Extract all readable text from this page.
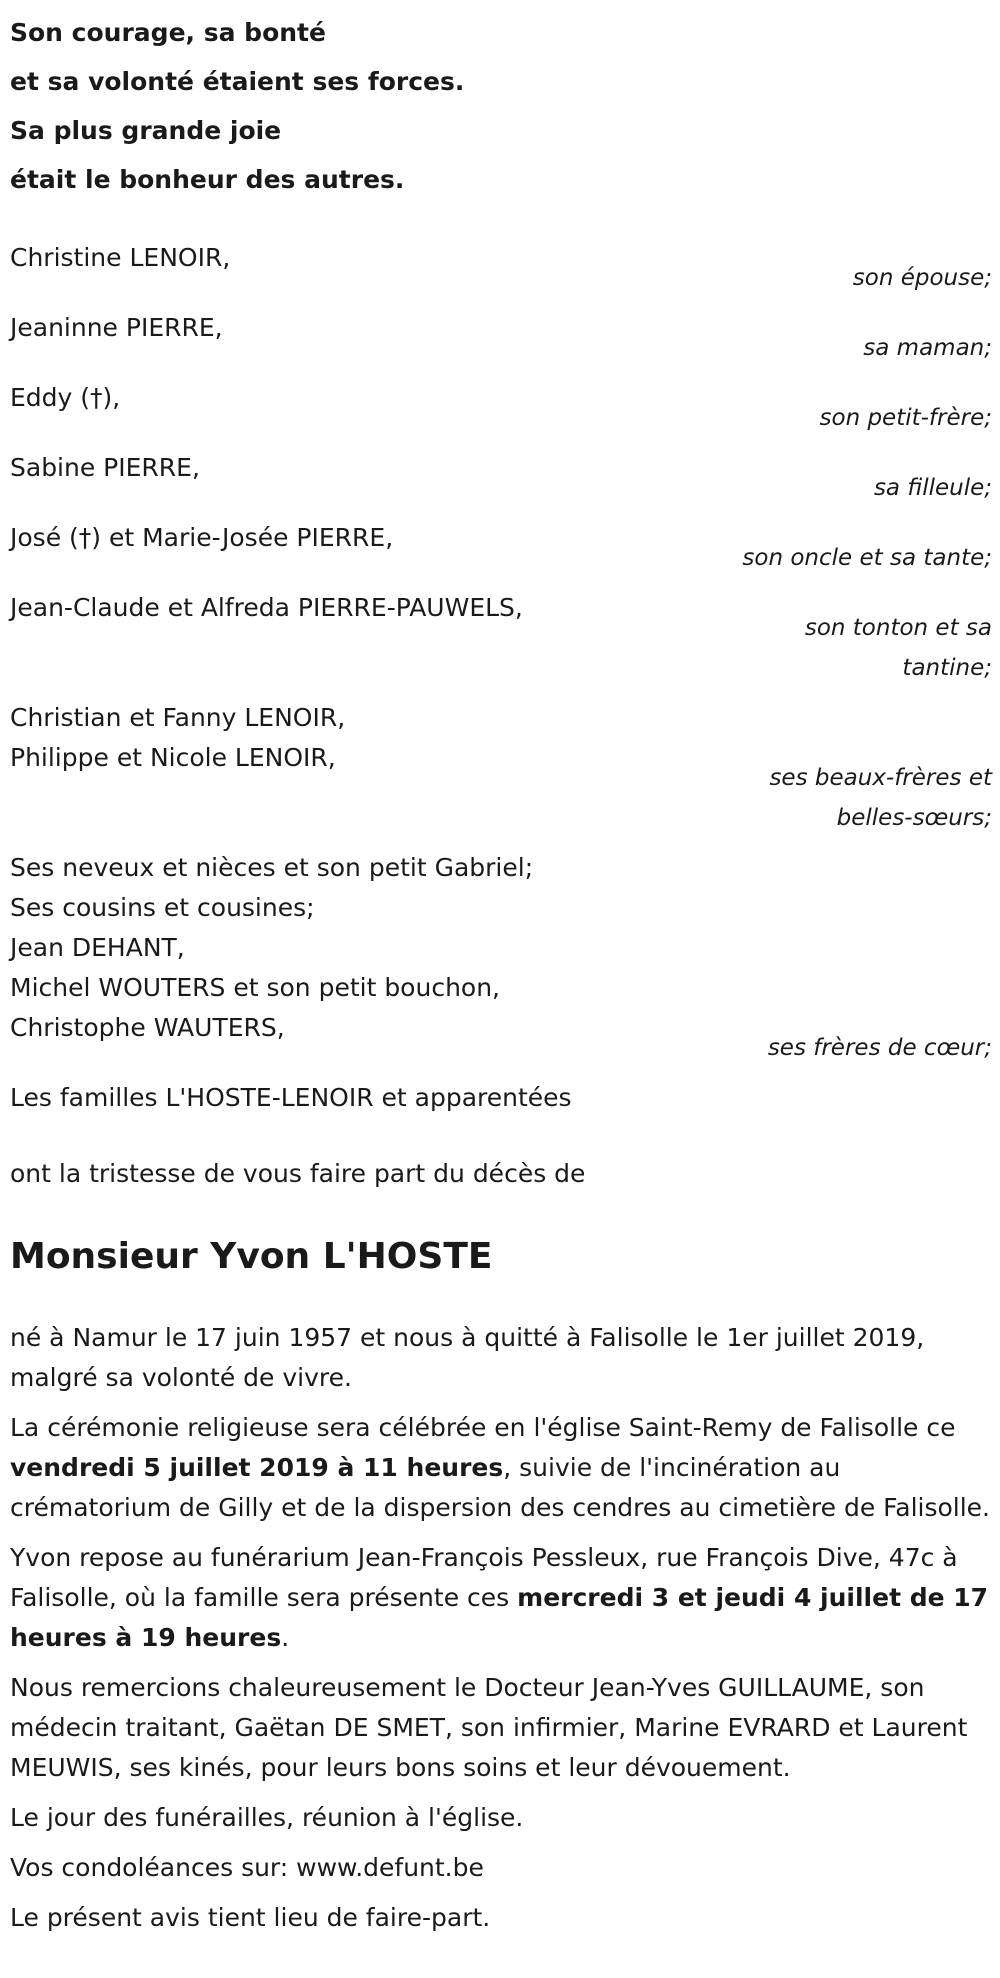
Son courage, sa bonté
et sa volonté étaient ses forces.
Sa plus grande joie
était le bonheur des autres.
Christine LENOIR,
son épouse;
Jeaninne PIERRE,
sa maman;
Eddy (†),
son petit-frère;
Sabine PIERRE,
sa filleule;
José (†) et Marie-Josée PIERRE,
son oncle et sa tante;
Jean-Claude et Alfreda PIERRE-PAUWELS,
son tonton et sa tantine;
Christian et Fanny LENOIR,
Philippe et Nicole LENOIR,
ses beaux-frères et belles-sœurs;
Ses neveux et nièces et son petit Gabriel;
Ses cousins et cousines;
Jean DEHANT,
Michel WOUTERS et son petit bouchon,
Christophe WAUTERS,
ses frères de cœur;
Les familles L'HOSTE-LENOIR et apparentées
ont la tristesse de vous faire part du décès de
Monsieur Yvon L'HOSTE

né à Namur le 17 juin 1957 et nous à quitté à Falisolle le 1er juillet 2019, malgré sa volonté de vivre.

La cérémonie religieuse sera célébrée en l'église Saint-Remy de Falisolle ce vendredi 5 juillet 2019 à 11 heures, suivie de l'incinération au crématorium de Gilly et de la dispersion des cendres au cimetière de Falisolle.

Yvon repose au funérarium Jean-François Pessleux, rue François Dive, 47c à Falisolle, où la famille sera présente ces mercredi 3 et jeudi 4 juillet de 17 heures à 19 heures.

Nous remercions chaleureusement le Docteur Jean-Yves GUILLAUME, son médecin traitant, Gaëtan DE SMET, son infirmier, Marine EVRARD et Laurent MEUWIS, ses kinés, pour leurs bons soins et leur dévouement.

Le jour des funérailles, réunion à l'église.

Vos condoléances sur: www.defunt.be

Le présent avis tient lieu de faire-part.
